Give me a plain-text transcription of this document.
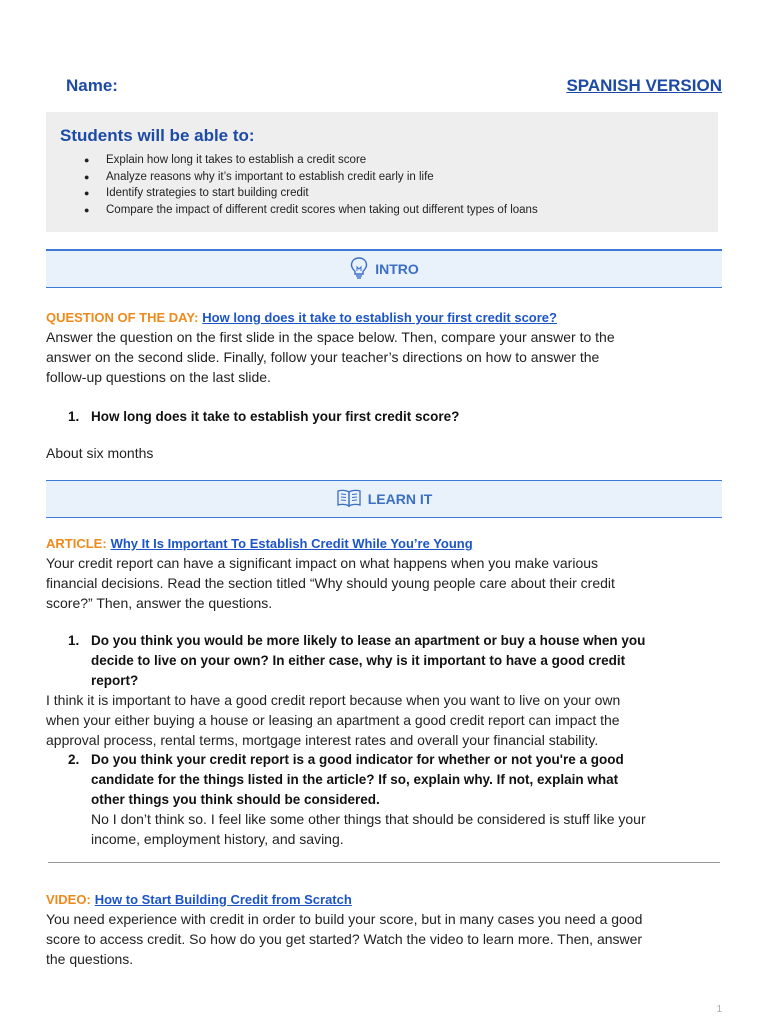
Name:	SPANISH VERSION
Students will be able to:
● Explain how long it takes to establish a credit score
● Analyze reasons why it’s important to establish credit early in life
● Identify strategies to start building credit
● Compare the impact of different credit scores when taking out different types of loans
INTRO
QUESTION OF THE DAY: How long does it take to establish your first credit score?
Answer the question on the first slide in the space below. Then, compare your answer to the
answer on the second slide. Finally, follow your teacher’s directions on how to answer the
follow-up questions on the last slide.
1. How long does it take to establish your first credit score?
About six months
LEARN IT
ARTICLE: Why It Is Important To Establish Credit While You’re Young
Your credit report can have a significant impact on what happens when you make various
financial decisions. Read the section titled “Why should young people care about their credit
score?” Then, answer the questions.
1. Do you think you would be more likely to lease an apartment or buy a house when you
decide to live on your own? In either case, why is it important to have a good credit
report?
I think it is important to have a good credit report because when you want to live on your own
when your either buying a house or leasing an apartment a good credit report can impact the
approval process, rental terms, mortgage interest rates and overall your financial stability.
2. Do you think your credit report is a good indicator for whether or not you're a good
candidate for the things listed in the article? If so, explain why. If not, explain what
other things you think should be considered.
No I don’t think so. I feel like some other things that should be considered is stuff like your
income, employment history, and saving.
VIDEO: How to Start Building Credit from Scratch
You need experience with credit in order to build your score, but in many cases you need a good
score to access credit. So how do you get started? Watch the video to learn more. Then, answer
the questions.
1
